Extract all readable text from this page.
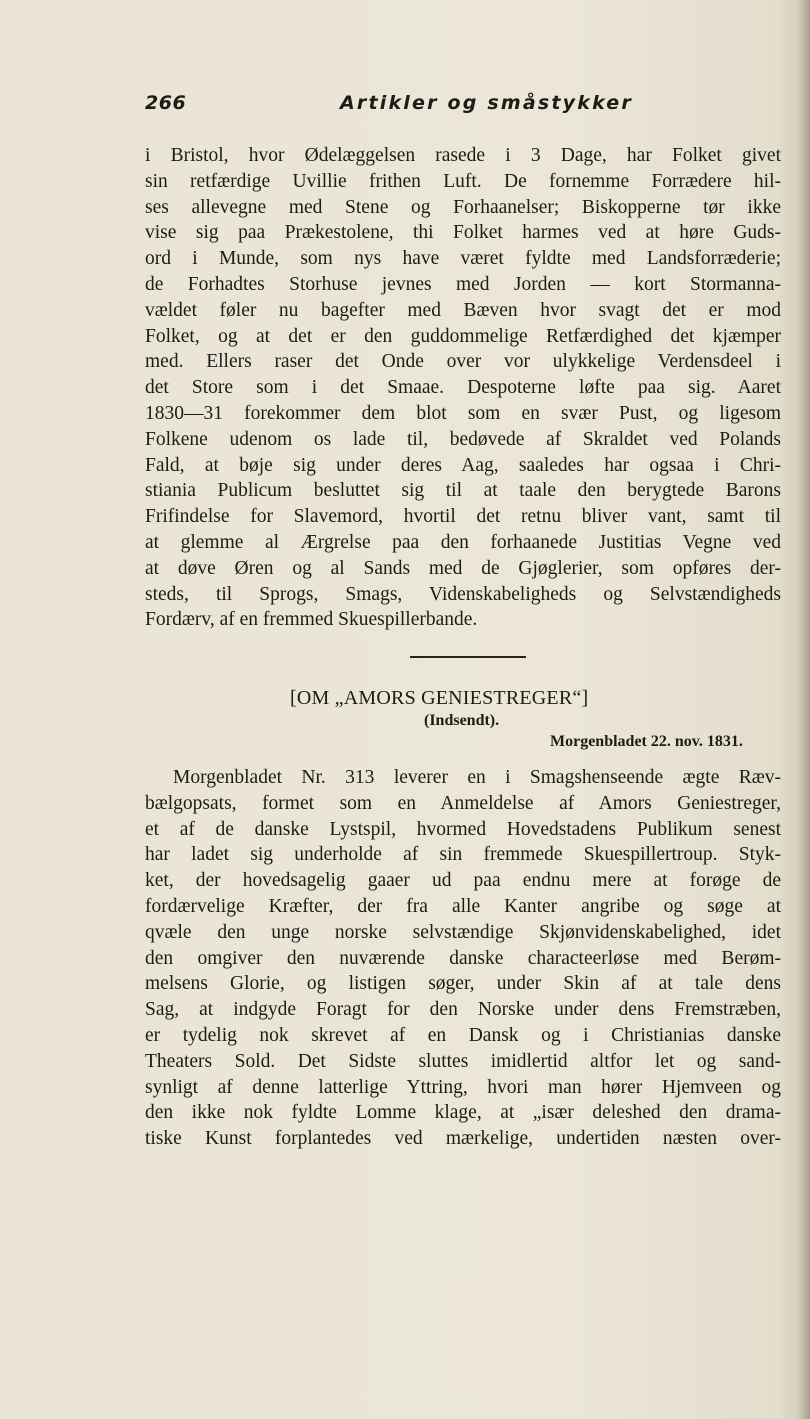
266	Artikler og småstykker
i Bristol, hvor Ødelæggelsen rasede i 3 Dage, har Folket givet
sin retfærdige Uvillie frithen Luft. De fornemme Forrædere hil-
ses allevegne med Stene og Forhaanelser; Biskopperne tør ikke
vise sig paa Prækestolene, thi Folket harmes ved at høre Guds-
ord i Munde, som nys have været fyldte med Landsforræderie;
de Forhadtes Storhuse jevnes med Jorden — kort Stormanna-
vældet føler nu bagefter med Bæven hvor svagt det er mod
Folket, og at det er den guddommelige Retfærdighed det kjæmper
med. Ellers raser det Onde over vor ulykkelige Verdensdeel i
det Store som i det Smaae. Despoterne løfte paa sig. Aaret
1830—31 forekommer dem blot som en svær Pust, og ligesom
Folkene udenom os lade til, bedøvede af Skraldet ved Polands
Fald, at bøje sig under deres Aag, saaledes har ogsaa i Chri-
stiania Publicum besluttet sig til at taale den berygtede Barons
Frifindelse for Slavemord, hvortil det retnu bliver vant, samt til
at glemme al Ærgrelse paa den forhaanede Justitias Vegne ved
at døve Øren og al Sands med de Gjøglerier, som opføres der-
steds, til Sprogs, Smags, Videnskabeligheds og Selvstændigheds
Fordærv, af en fremmed Skuespillerbande.
[OM „AMORS GENIESTREGER“]
(Indsendt).
Morgenbladet 22. nov. 1831.
Morgenbladet Nr. 313 leverer en i Smagshenseende ægte Ræv-
bælgopsats, formet som en Anmeldelse af Amors Geniestreger,
et af de danske Lystspil, hvormed Hovedstadens Publikum senest
har ladet sig underholde af sin fremmede Skuespillertroup. Styk-
ket, der hovedsagelig gaaer ud paa endnu mere at forøge de
fordærvelige Kræfter, der fra alle Kanter angribe og søge at
qvæle den unge norske selvstændige Skjønvidenskabelighed, idet
den omgiver den nuværende danske characteerløse med Berøm-
melsens Glorie, og listigen søger, under Skin af at tale dens
Sag, at indgyde Foragt for den Norske under dens Fremstræben,
er tydelig nok skrevet af en Dansk og i Christianias danske
Theaters Sold. Det Sidste sluttes imidlertid altfor let og sand-
synligt af denne latterlige Yttring, hvori man hører Hjemveen og
den ikke nok fyldte Lomme klage, at „især deleshed den drama-
tiske Kunst forplantedes ved mærkelige, undertiden næsten over-
